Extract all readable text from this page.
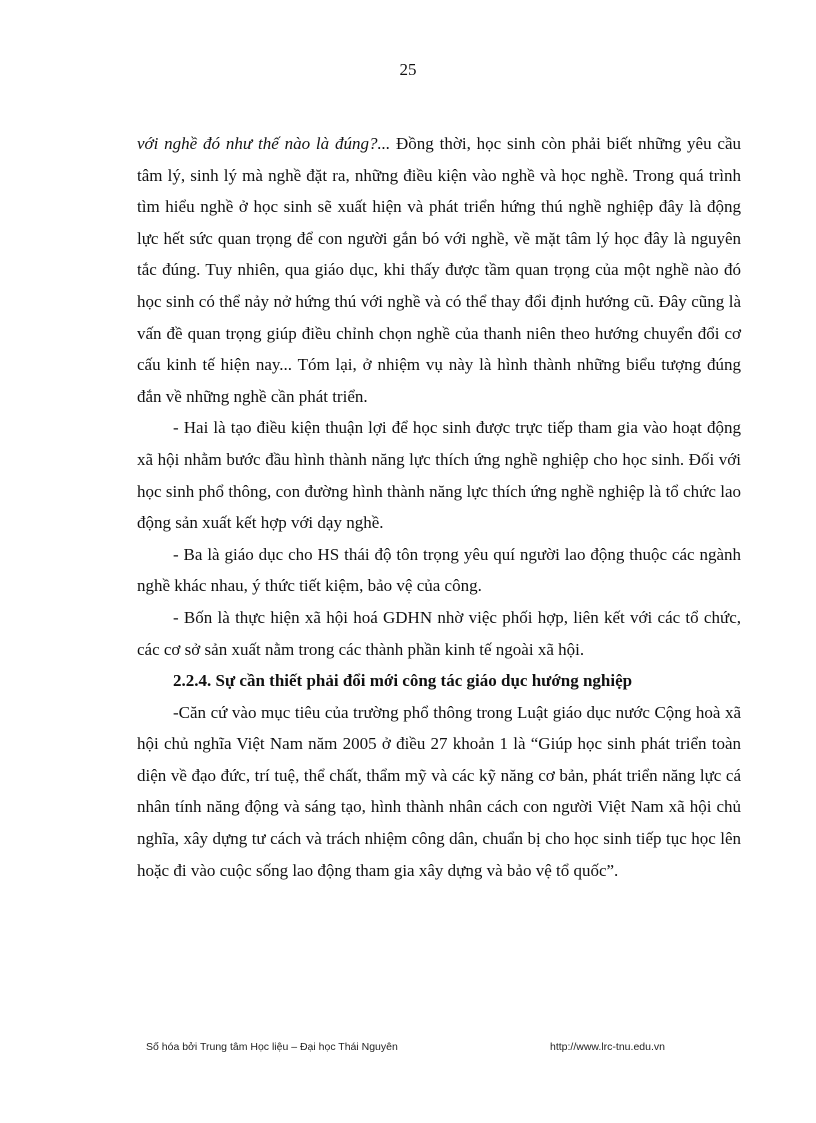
25

với nghề đó như thế nào là đúng?... Đồng thời, học sinh còn phải biết những yêu cầu tâm lý, sinh lý mà nghề đặt ra, những điều kiện vào nghề và học nghề. Trong quá trình tìm hiểu nghề ở học sinh sẽ xuất hiện và phát triển hứng thú nghề nghiệp đây là động lực hết sức quan trọng để con người gắn bó với nghề, về mặt tâm lý học đây là nguyên tắc đúng. Tuy nhiên, qua giáo dục, khi thấy được tầm quan trọng của một nghề nào đó học sinh có thể nảy nở hứng thú với nghề và có thể thay đổi định hướng cũ. Đây cũng là vấn đề quan trọng giúp điều chỉnh chọn nghề của thanh niên theo hướng chuyển đổi cơ cấu kinh tế hiện nay... Tóm lại, ở nhiệm vụ này là hình thành những biểu tượng đúng đắn về những nghề cần phát triển.

- Hai là tạo điều kiện thuận lợi để học sinh được trực tiếp tham gia vào hoạt động xã hội nhằm bước đầu hình thành năng lực thích ứng nghề nghiệp cho học sinh. Đối với học sinh phổ thông, con đường hình thành năng lực thích ứng nghề nghiệp là tổ chức lao động sản xuất kết hợp với dạy nghề.

- Ba là giáo dục cho HS thái độ tôn trọng yêu quí người lao động thuộc các ngành nghề khác nhau, ý thức tiết kiệm, bảo vệ của công.

- Bốn là thực hiện xã hội hoá GDHN nhờ việc phối hợp, liên kết với các tổ chức, các cơ sở sản xuất nằm trong các thành phần kinh tế ngoài xã hội.

2.2.4. Sự cần thiết phải đổi mới công tác giáo dục hướng nghiệp

-Căn cứ vào mục tiêu của trường phổ thông trong Luật giáo dục nước Cộng hoà xã hội chủ nghĩa Việt Nam năm 2005 ở điều 27 khoản 1 là “Giúp học sinh phát triển toàn diện về đạo đức, trí tuệ, thể chất, thẩm mỹ và các kỹ năng cơ bản, phát triển năng lực cá nhân tính năng động và sáng tạo, hình thành nhân cách con người Việt Nam xã hội chủ nghĩa, xây dựng tư cách và trách nhiệm công dân, chuẩn bị cho học sinh tiếp tục học lên hoặc đi vào cuộc sống lao động tham gia xây dựng và bảo vệ tổ quốc”.

Số hóa bởi Trung tâm Học liệu – Đại học Thái Nguyên	http://www.lrc-tnu.edu.vn
